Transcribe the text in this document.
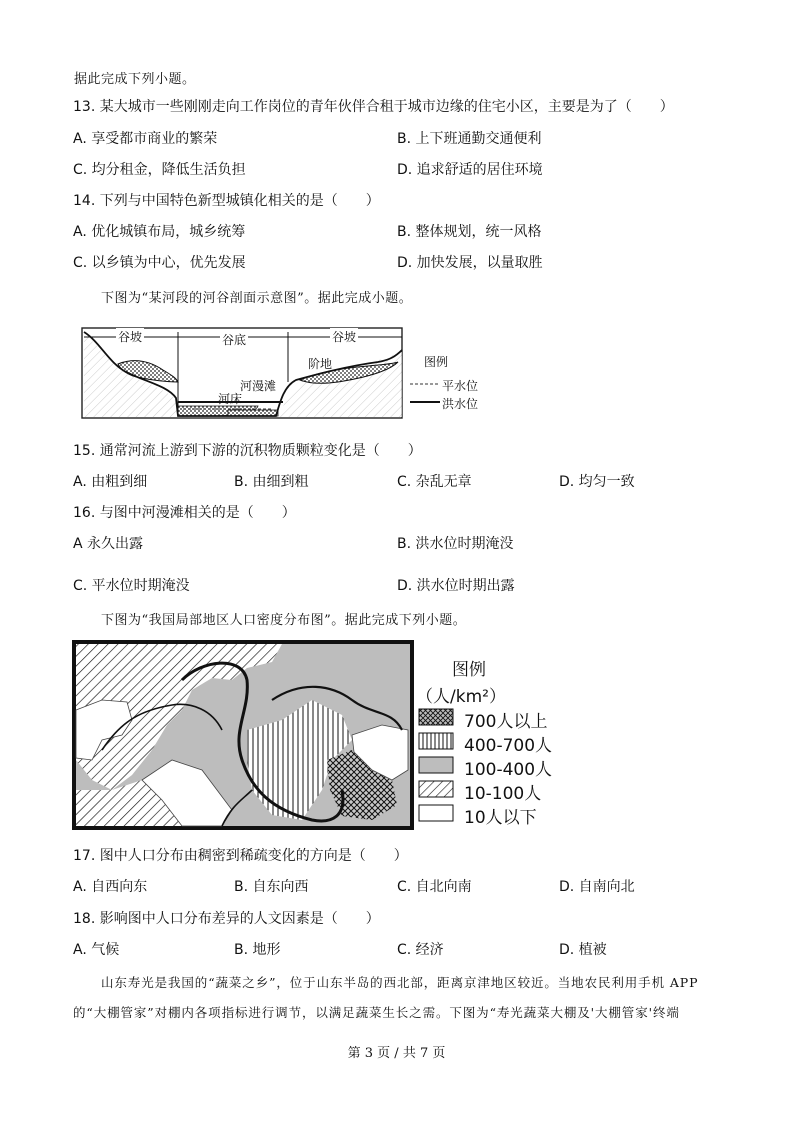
据此完成下列小题。
13. 某大城市一些刚刚走向工作岗位的青年伙伴合租于城市边缘的住宅小区，主要是为了（　　）
A. 享受都市商业的繁荣	B. 上下班通勤交通便利
C. 均分租金，降低生活负担	D. 追求舒适的居住环境
14. 下列与中国特色新型城镇化相关的是（　　）
A. 优化城镇布局，城乡统筹	B. 整体规划，统一风格
C. 以乡镇为中心，优先发展	D. 加快发展，以量取胜
下图为“某河段的河谷剖面示意图”。据此完成小题。
谷坡	谷底	谷坡
阶地
河漫滩
河床
图例
平水位
洪水位
15. 通常河流上游到下游的沉积物质颗粒变化是（　　）
A. 由粗到细	B. 由细到粗	C. 杂乱无章	D. 均匀一致
16. 与图中河漫滩相关的是（　　）
A 永久出露	B. 洪水位时期淹没
C. 平水位时期淹没	D. 洪水位时期出露
下图为“我国局部地区人口密度分布图”。据此完成下列小题。
图例
（人/km²）
700人以上
400-700人
100-400人
10-100人
10人以下
17. 图中人口分布由稠密到稀疏变化的方向是（　　）
A. 自西向东	B. 自东向西	C. 自北向南	D. 自南向北
18. 影响图中人口分布差异的人文因素是（　　）
A. 气候	B. 地形	C. 经济	D. 植被
山东寿光是我国的“蔬菜之乡”，位于山东半岛的西北部，距离京津地区较近。当地农民利用手机 APP
的“大棚管家”对棚内各项指标进行调节，以满足蔬菜生长之需。下图为“寿光蔬菜大棚及'大棚管家'终端
第 3 页 / 共 7 页
